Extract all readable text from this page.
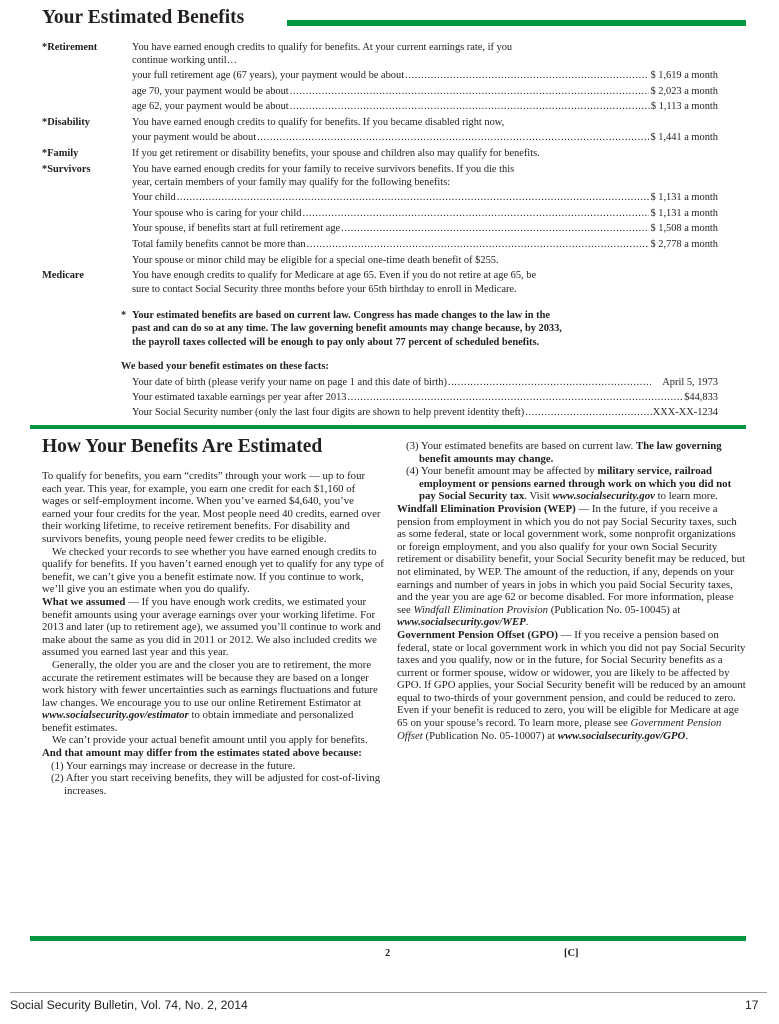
Your Estimated Benefits
*Retirement	You have earned enough credits to qualify for benefits. At your current earnings rate, if you
continue working until…
your full retirement age (67 years), your payment would be about .....	$ 1,619 a month
age 70, your payment would be about .....	$ 2,023 a month
age 62, your payment would be about .....	$ 1,113 a month
*Disability	You have earned enough credits to qualify for benefits. If you became disabled right now,
your payment would be about .....	$ 1,441 a month
*Family	If you get retirement or disability benefits, your spouse and children also may qualify for benefits.
*Survivors	You have earned enough credits for your family to receive survivors benefits. If you die this
year, certain members of your family may qualify for the following benefits:
Your child .....	$ 1,131 a month
Your spouse who is caring for your child .....	$ 1,131 a month
Your spouse, if benefits start at full retirement age .....	$ 1,508 a month
Total family benefits cannot be more than .....	$ 2,778 a month
Your spouse or minor child may be eligible for a special one-time death benefit of $255.
Medicare	You have enough credits to qualify for Medicare at age 65. Even if you do not retire at age 65, be
sure to contact Social Security three months before your 65th birthday to enroll in Medicare.
* Your estimated benefits are based on current law. Congress has made changes to the law in the
past and can do so at any time. The law governing benefit amounts may change because, by 2033,
the payroll taxes collected will be enough to pay only about 77 percent of scheduled benefits.
We based your benefit estimates on these facts:
Your date of birth (please verify your name on page 1 and this date of birth) .....	April 5, 1973
Your estimated taxable earnings per year after 2013 .....	$44,833
Your Social Security number (only the last four digits are shown to help prevent identity theft) .....	XXX-XX-1234
How Your Benefits Are Estimated

To qualify for benefits, you earn “credits” through your work — up to four each year. This year, for example, you earn one credit for each $1,160 of wages or self-employment income. When you’ve earned $4,640, you’ve earned your four credits for the year. Most people need 40 credits, earned over their working lifetime, to receive retirement benefits. For disability and survivors benefits, young people need fewer credits to be eligible.

We checked your records to see whether you have earned enough credits to qualify for benefits. If you haven’t earned enough yet to qualify for any type of benefit, we can’t give you a benefit estimate now. If you continue to work, we’ll give you an estimate when you do qualify.

What we assumed — If you have enough work credits, we estimated your benefit amounts using your average earnings over your working lifetime. For 2013 and later (up to retirement age), we assumed you’ll continue to work and make about the same as you did in 2011 or 2012. We also included credits we assumed you earned last year and this year.

Generally, the older you are and the closer you are to retirement, the more accurate the retirement estimates will be because they are based on a longer work history with fewer uncertainties such as earnings fluctuations and future law changes. We encourage you to use our online Retirement Estimator at www.socialsecurity.gov/estimator to obtain immediate and personalized benefit estimates.

We can’t provide your actual benefit amount until you apply for benefits. And that amount may differ from the estimates stated above because:

(1) Your earnings may increase or decrease in the future.

(2) After you start receiving benefits, they will be adjusted for cost-of-living increases.

(3) Your estimated benefits are based on current law. The law governing benefit amounts may change.

(4) Your benefit amount may be affected by military service, railroad employment or pensions earned through work on which you did not pay Social Security tax. Visit www.socialsecurity.gov to learn more.

Windfall Elimination Provision (WEP) — In the future, if you receive a pension from employment in which you do not pay Social Security taxes, such as some federal, state or local government work, some nonprofit organizations or foreign employment, and you also qualify for your own Social Security retirement or disability benefit, your Social Security benefit may be reduced, but not eliminated, by WEP. The amount of the reduction, if any, depends on your earnings and number of years in jobs in which you paid Social Security taxes, and the year you are age 62 or become disabled. For more information, please see Windfall Elimination Provision (Publication No. 05-10045) at www.socialsecurity.gov/WEP.

Government Pension Offset (GPO) — If you receive a pension based on federal, state or local government work in which you did not pay Social Security taxes and you qualify, now or in the future, for Social Security benefits as a current or former spouse, widow or widower, you are likely to be affected by GPO. If GPO applies, your Social Security benefit will be reduced by an amount equal to two-thirds of your government pension, and could be reduced to zero. Even if your benefit is reduced to zero, you will be eligible for Medicare at age 65 on your spouse’s record. To learn more, please see Government Pension Offset (Publication No. 05-10007) at www.socialsecurity.gov/GPO.

2	[C]
Social Security Bulletin, Vol. 74, No. 2, 2014	17
